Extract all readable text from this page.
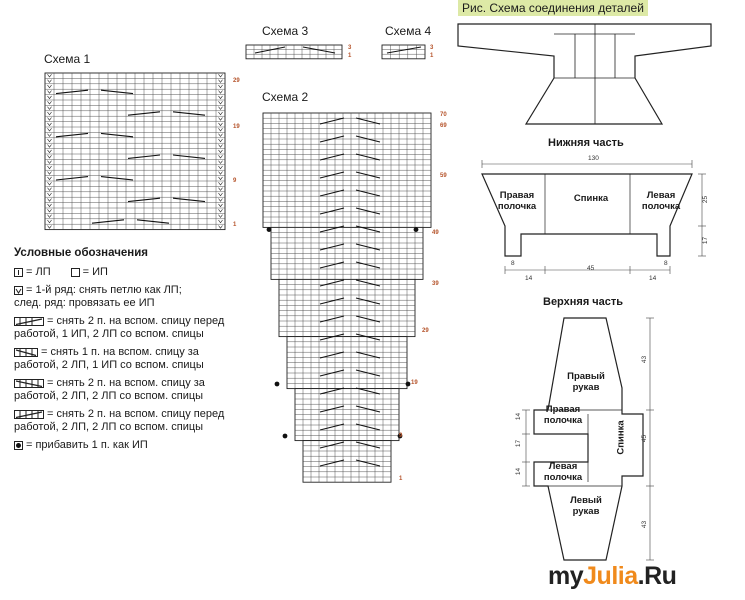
Схема 1
Схема 3	Схема 4
Схема 2
29
19
9
1
3
1
3
1
70
69
59
49
39
29
19
9
1
Условные обозначения
= ЛП	= ИП
= 1-й ряд: снять петлю как ЛП;
след. ряд: провязать ее ИП
= снять 2 п. на вспом. спицу перед работой, 1 ИП, 2 ЛП со вспом. спицы
= снять 1 п. на вспом. спицу за работой, 2 ЛП, 1 ИП со вспом. спицы
= снять 2 п. на вспом. спицу за работой, 2 ЛП, 2 ЛП со вспом. спицы
= снять 2 п. на вспом. спицу перед работой, 2 ЛП, 2 ЛП со вспом. спицы
= прибавить 1 п. как ИП
Рис. Схема соединения деталей
Нижняя часть
130
Правая полочка
Спинка	Левая полочка
8
14
45
14
8
25
17
Верхняя часть
Правый рукав
Правая полочка	Спинка
Левая полочка
Левый рукав
43
45
43
14
17
14
myJulia.Ru
